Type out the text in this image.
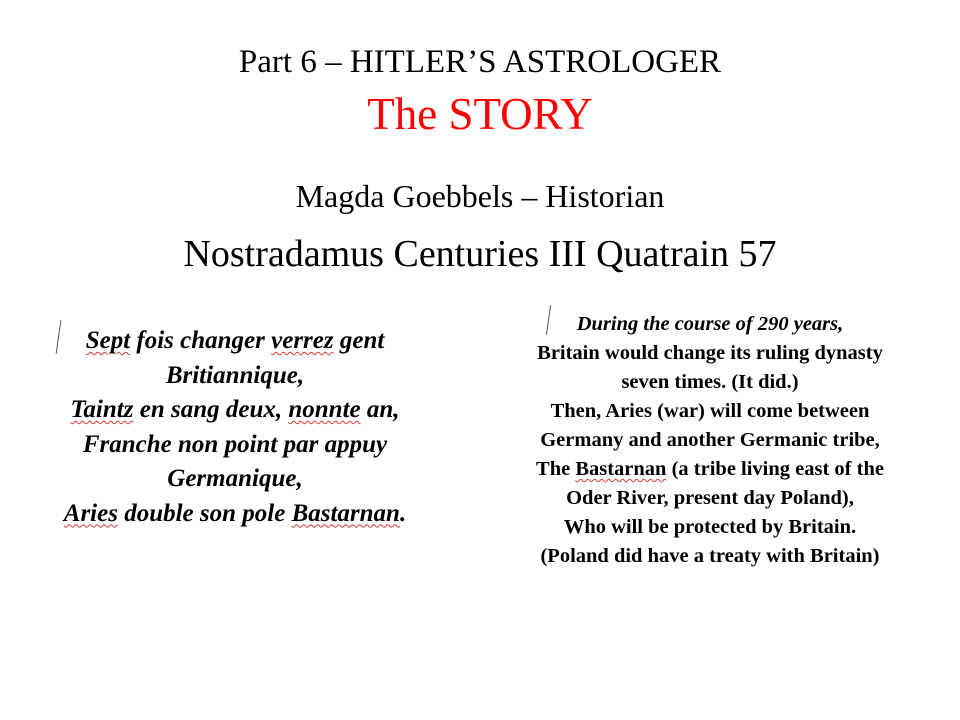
Part 6 – HITLER’S ASTROLOGER
The STORY
Magda Goebbels – Historian
Nostradamus Centuries III Quatrain 57
Sept fois changer verrez gent
Britiannique,
Taintz en sang deux, nonnte an,
Franche non point par appuy
Germanique,
Aries double son pole Bastarnan.
During the course of 290 years,
Britain would change its ruling dynasty
seven times. (It did.)
Then, Aries (war) will come between
Germany and another Germanic tribe,
The Bastarnan (a tribe living east of the
Oder River, present day Poland),
Who will be protected by Britain.
(Poland did have a treaty with Britain)
